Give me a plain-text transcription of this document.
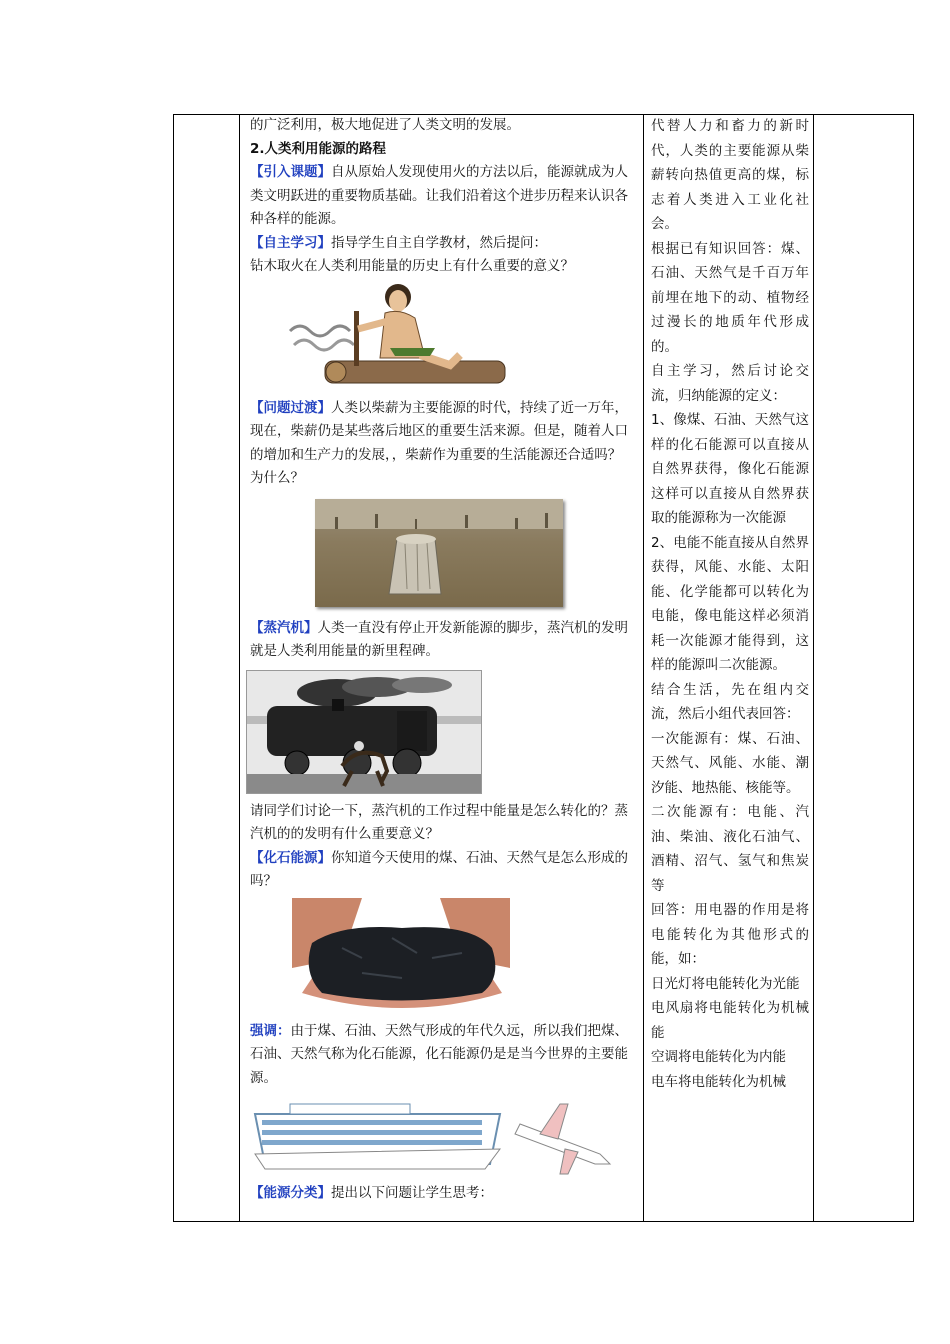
的广泛利用，极大地促进了人类文明的发展。

2.人类利用能源的路程

【引入课题】自从原始人发现使用火的方法以后，能源就成为人类文明跃进的重要物质基础。让我们沿着这个进步历程来认识各种各样的能源。

【自主学习】指导学生自主自学教材，然后提问：

钻木取火在人类利用能量的历史上有什么重要的意义？

【问题过渡】人类以柴薪为主要能源的时代，持续了近一万年，现在，柴薪仍是某些落后地区的重要生活来源。但是，随着人口的增加和生产力的发展，，柴薪作为重要的生活能源还合适吗？为什么？

【蒸汽机】人类一直没有停止开发新能源的脚步，蒸汽机的发明就是人类利用能量的新里程碑。

请同学们讨论一下，蒸汽机的工作过程中能量是怎么转化的？蒸汽机的的发明有什么重要意义？

【化石能源】你知道今天使用的煤、石油、天然气是怎么形成的吗？

强调：由于煤、石油、天然气形成的年代久远，所以我们把煤、石油、天然气称为化石能源，化石能源仍是是当今世界的主要能源。

【能源分类】提出以下问题让学生思考：

代替人力和畜力的新时代，人类的主要能源从柴薪转向热值更高的煤，标志着人类进入工业化社会。

根据已有知识回答：煤、石油、天然气是千百万年前埋在地下的动、植物经过漫长的地质年代形成的。

自主学习，然后讨论交流，归纳能源的定义：

1、像煤、石油、天然气这样的化石能源可以直接从自然界获得，像化石能源这样可以直接从自然界获取的能源称为一次能源

2、电能不能直接从自然界获得，风能、水能、太阳能、化学能都可以转化为电能，像电能这样必须消耗一次能源才能得到，这样的能源叫二次能源。

结合生活，先在组内交流，然后小组代表回答：

一次能源有：煤、石油、天然气、风能、水能、潮汐能、地热能、核能等。

二次能源有：电能、汽油、柴油、液化石油气、酒精、沼气、氢气和焦炭等

回答：用电器的作用是将电能转化为其他形式的能，如：

日光灯将电能转化为光能

电风扇将电能转化为机械能

空调将电能转化为内能

电车将电能转化为机械
